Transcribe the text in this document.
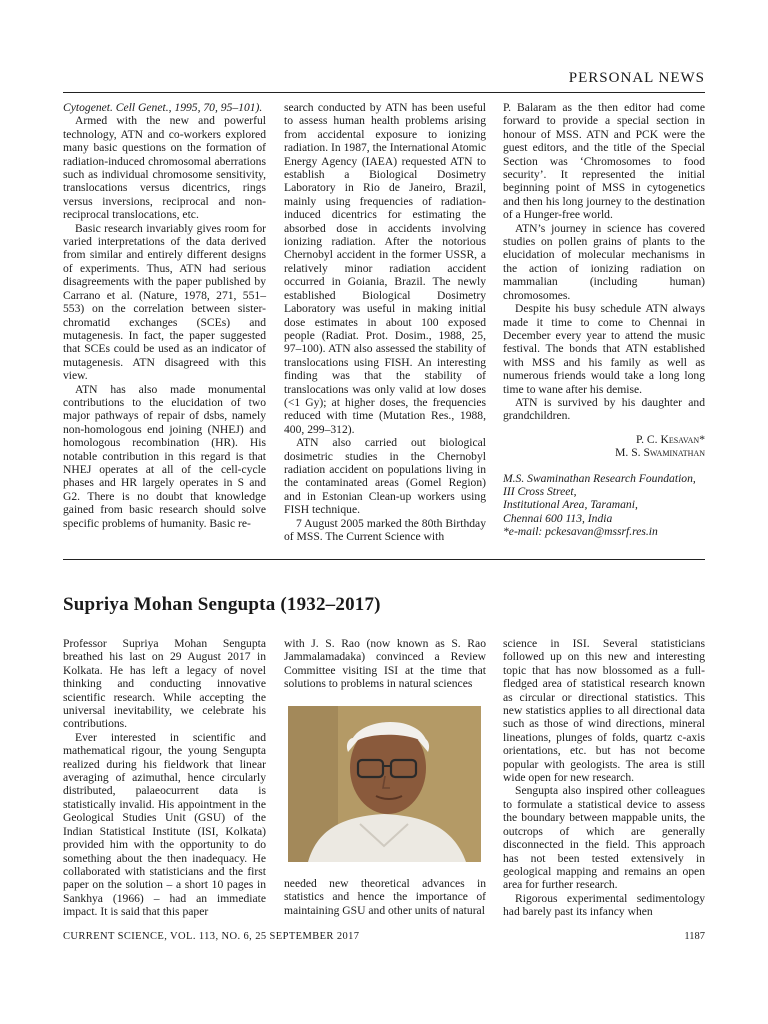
PERSONAL NEWS

Cytogenet. Cell Genet., 1995, 70, 95–101).

Armed with the new and powerful technology, ATN and co-workers explored many basic questions on the formation of radiation-induced chromosomal aberrations such as individual chromosome sensitivity, translocations versus dicentrics, rings versus inversions, reciprocal and non-reciprocal translocations, etc.

Basic research invariably gives room for varied interpretations of the data derived from similar and entirely different designs of experiments. Thus, ATN had serious disagreements with the paper published by Carrano et al. (Nature, 1978, 271, 551–553) on the correlation between sister-chromatid exchanges (SCEs) and mutagenesis. In fact, the paper suggested that SCEs could be used as an indicator of mutagenesis. ATN disagreed with this view.

ATN has also made monumental contributions to the elucidation of two major pathways of repair of dsbs, namely non-homologous end joining (NHEJ) and homologous recombination (HR). His notable contribution in this regard is that NHEJ operates at all of the cell-cycle phases and HR largely operates in S and G2. There is no doubt that knowledge gained from basic research should solve specific problems of humanity. Basic re-

search conducted by ATN has been useful to assess human health problems arising from accidental exposure to ionizing radiation. In 1987, the International Atomic Energy Agency (IAEA) requested ATN to establish a Biological Dosimetry Laboratory in Rio de Janeiro, Brazil, mainly using frequencies of radiation-induced dicentrics for estimating the absorbed dose in accidents involving ionizing radiation. After the notorious Chernobyl accident in the former USSR, a relatively minor radiation accident occurred in Goiania, Brazil. The newly established Biological Dosimetry Laboratory was useful in making initial dose estimates in about 100 exposed people (Radiat. Prot. Dosim., 1988, 25, 97–100). ATN also assessed the stability of translocations using FISH. An interesting finding was that the stability of translocations was only valid at low doses (<1 Gy); at higher doses, the frequencies reduced with time (Mutation Res., 1988, 400, 299–312).

ATN also carried out biological dosimetric studies in the Chernobyl radiation accident on populations living in the contaminated areas (Gomel Region) and in Estonian Clean-up workers using FISH technique.

7 August 2005 marked the 80th Birthday of MSS. The Current Science with

P. Balaram as the then editor had come forward to provide a special section in honour of MSS. ATN and PCK were the guest editors, and the title of the Special Section was ‘Chromosomes to food security’. It represented the initial beginning point of MSS in cytogenetics and then his long journey to the destination of a Hunger-free world.

ATN’s journey in science has covered studies on pollen grains of plants to the elucidation of molecular mechanisms in the action of ionizing radiation on mammalian (including human) chromosomes.

Despite his busy schedule ATN always made it time to come to Chennai in December every year to attend the music festival. The bonds that ATN established with MSS and his family as well as numerous friends would take a long long time to wane after his demise.

ATN is survived by his daughter and grandchildren.

P. C. Kesavan*
M. S. Swaminathan
M.S. Swaminathan Research Foundation,
III Cross Street,
Institutional Area, Taramani,
Chennai 600 113, India
*e-mail: pckesavan@mssrf.res.in
Supriya Mohan Sengupta (1932–2017)

Professor Supriya Mohan Sengupta breathed his last on 29 August 2017 in Kolkata. He has left a legacy of novel thinking and conducting innovative scientific research. While accepting the universal inevitability, we celebrate his contributions.

Ever interested in scientific and mathematical rigour, the young Sengupta realized during his fieldwork that linear averaging of azimuthal, hence circularly distributed, palaeocurrent data is statistically invalid. His appointment in the Geological Studies Unit (GSU) of the Indian Statistical Institute (ISI, Kolkata) provided him with the opportunity to do something about the then inadequacy. He collaborated with statisticians and the first paper on the solution – a short 10 pages in Sankhya (1966) – had an immediate impact. It is said that this paper

with J. S. Rao (now known as S. Rao Jammalamadaka) convinced a Review Committee visiting ISI at the time that solutions to problems in natural sciences

needed new theoretical advances in statistics and hence the importance of maintaining GSU and other units of natural

science in ISI. Several statisticians followed up on this new and interesting topic that has now blossomed as a full-fledged area of statistical research known as circular or directional statistics. This new statistics applies to all directional data such as those of wind directions, mineral lineations, plunges of folds, quartz c-axis orientations, etc. but has not become popular with geologists. The area is still wide open for new research.

Sengupta also inspired other colleagues to formulate a statistical device to assess the boundary between mappable units, the outcrops of which are generally disconnected in the field. This approach has not been tested extensively in geological mapping and remains an open area for further research.

Rigorous experimental sedimentology had barely past its infancy when

CURRENT SCIENCE, VOL. 113, NO. 6, 25 SEPTEMBER 2017	1187
